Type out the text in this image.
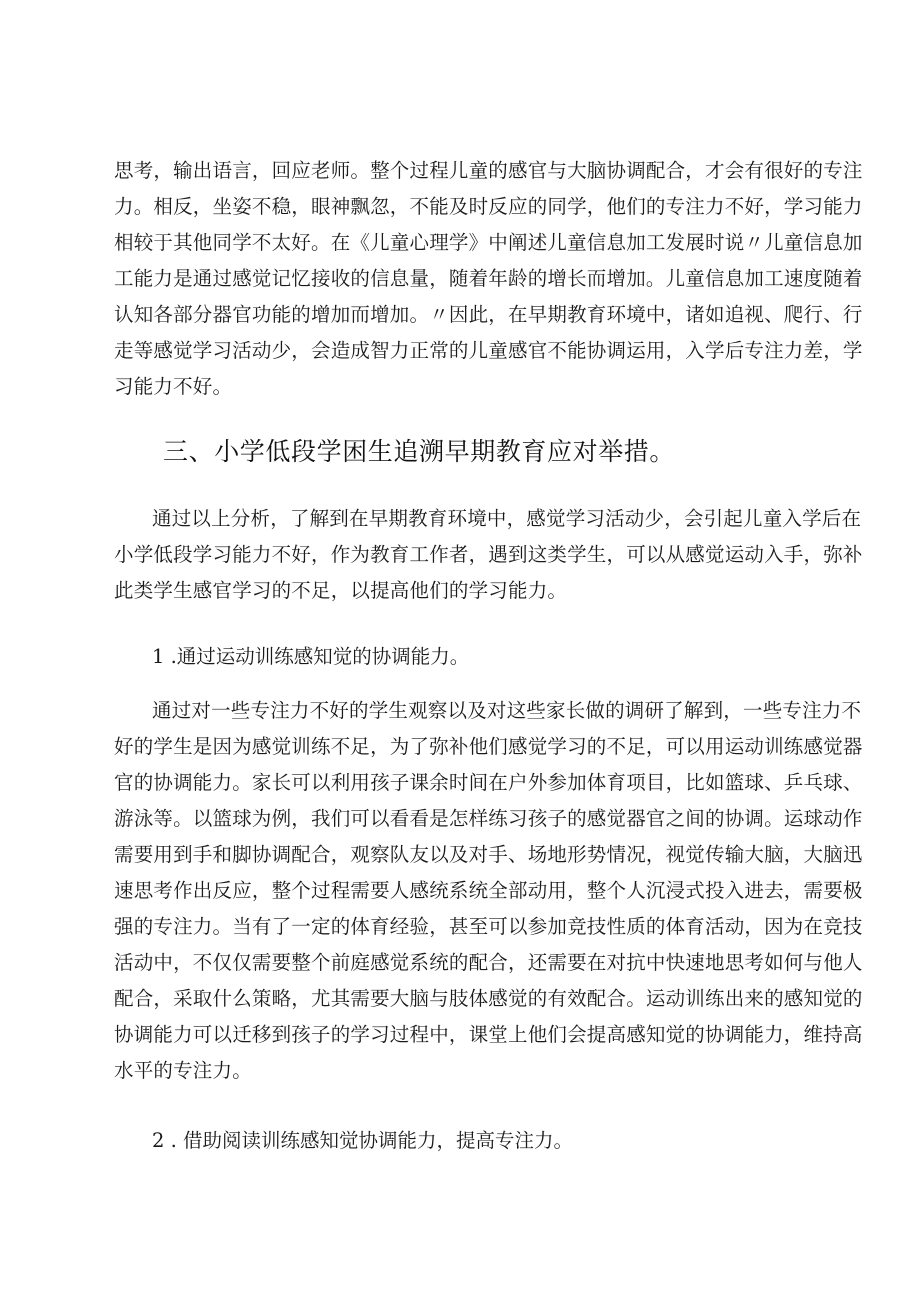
思考，输出语言，回应老师。整个过程儿童的感官与大脑协调配合，才会有很好的专注
力。相反，坐姿不稳，眼神飘忽，不能及时反应的同学，他们的专注力不好，学习能力
相较于其他同学不太好。在《儿童心理学》中阐述儿童信息加工发展时说〃儿童信息加
工能力是通过感觉记忆接收的信息量，随着年龄的增长而增加。儿童信息加工速度随着
认知各部分器官功能的增加而增加。〃因此，在早期教育环境中，诸如追视、爬行、行
走等感觉学习活动少，会造成智力正常的儿童感官不能协调运用，入学后专注力差，学
习能力不好。
三、小学低段学困生追溯早期教育应对举措。
通过以上分析，了解到在早期教育环境中，感觉学习活动少，会引起儿童入学后在
小学低段学习能力不好，作为教育工作者，遇到这类学生，可以从感觉运动入手，弥补
此类学生感官学习的不足，以提高他们的学习能力。
1 .通过运动训练感知觉的协调能力。
通过对一些专注力不好的学生观察以及对这些家长做的调研了解到，一些专注力不
好的学生是因为感觉训练不足，为了弥补他们感觉学习的不足，可以用运动训练感觉器
官的协调能力。家长可以利用孩子课余时间在户外参加体育项目，比如篮球、乒乓球、
游泳等。以篮球为例，我们可以看看是怎样练习孩子的感觉器官之间的协调。运球动作
需要用到手和脚协调配合，观察队友以及对手、场地形势情况，视觉传输大脑，大脑迅
速思考作出反应，整个过程需要人感统系统全部动用，整个人沉浸式投入进去，需要极
强的专注力。当有了一定的体育经验，甚至可以参加竞技性质的体育活动，因为在竞技
活动中，不仅仅需要整个前庭感觉系统的配合，还需要在对抗中快速地思考如何与他人
配合，采取什么策略，尤其需要大脑与肢体感觉的有效配合。运动训练出来的感知觉的
协调能力可以迁移到孩子的学习过程中，课堂上他们会提高感知觉的协调能力，维持高
水平的专注力。
2 . 借助阅读训练感知觉协调能力，提高专注力。
